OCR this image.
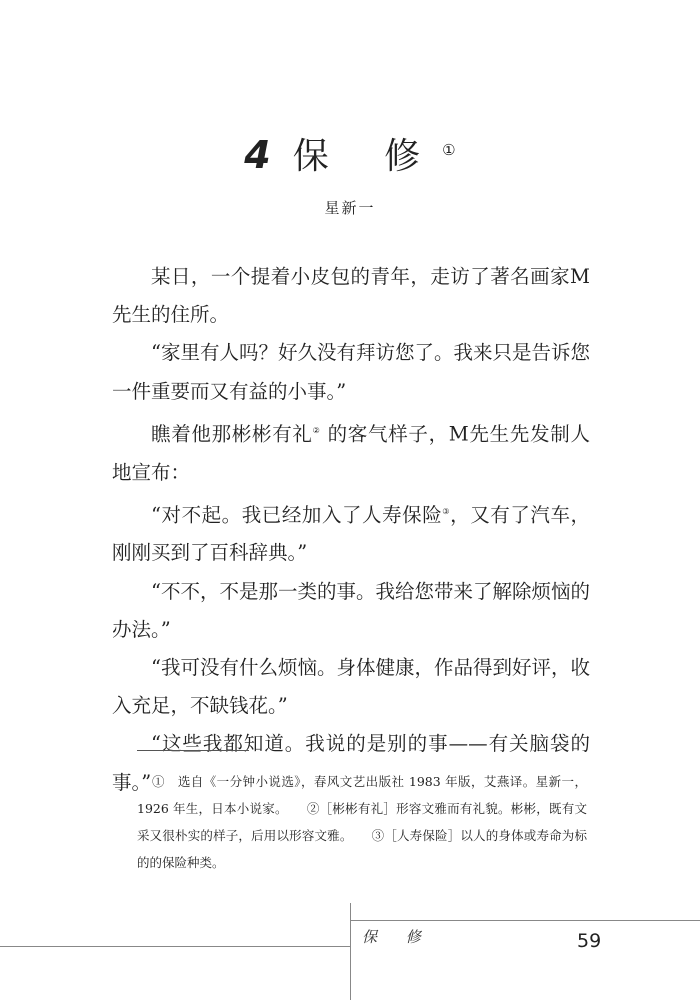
4 保 修①
星新一

某日，一个提着小皮包的青年，走访了著名画家M先生的住所。

“家里有人吗？好久没有拜访您了。我来只是告诉您一件重要而又有益的小事。”

瞧着他那彬彬有礼② 的客气样子，M先生先发制人地宣布：

“对不起。我已经加入了人寿保险③，又有了汽车，刚刚买到了百科辞典。”

“不不，不是那一类的事。我给您带来了解除烦恼的办法。”

“我可没有什么烦恼。身体健康，作品得到好评，收入充足，不缺钱花。”

“这些我都知道。我说的是别的事——有关脑袋的事。” ①　选自《一分钟小说选》，春风文艺出版社 1983 年版，艾燕译。星新一，1926 年生，日本小说家。　　②［彬彬有礼］形容文雅而有礼貌。彬彬，既有文采又很朴实的样子，后用以形容文雅。　　③［人寿保险］以人的身体或寿命为标的的保险种类。

保 修	59
